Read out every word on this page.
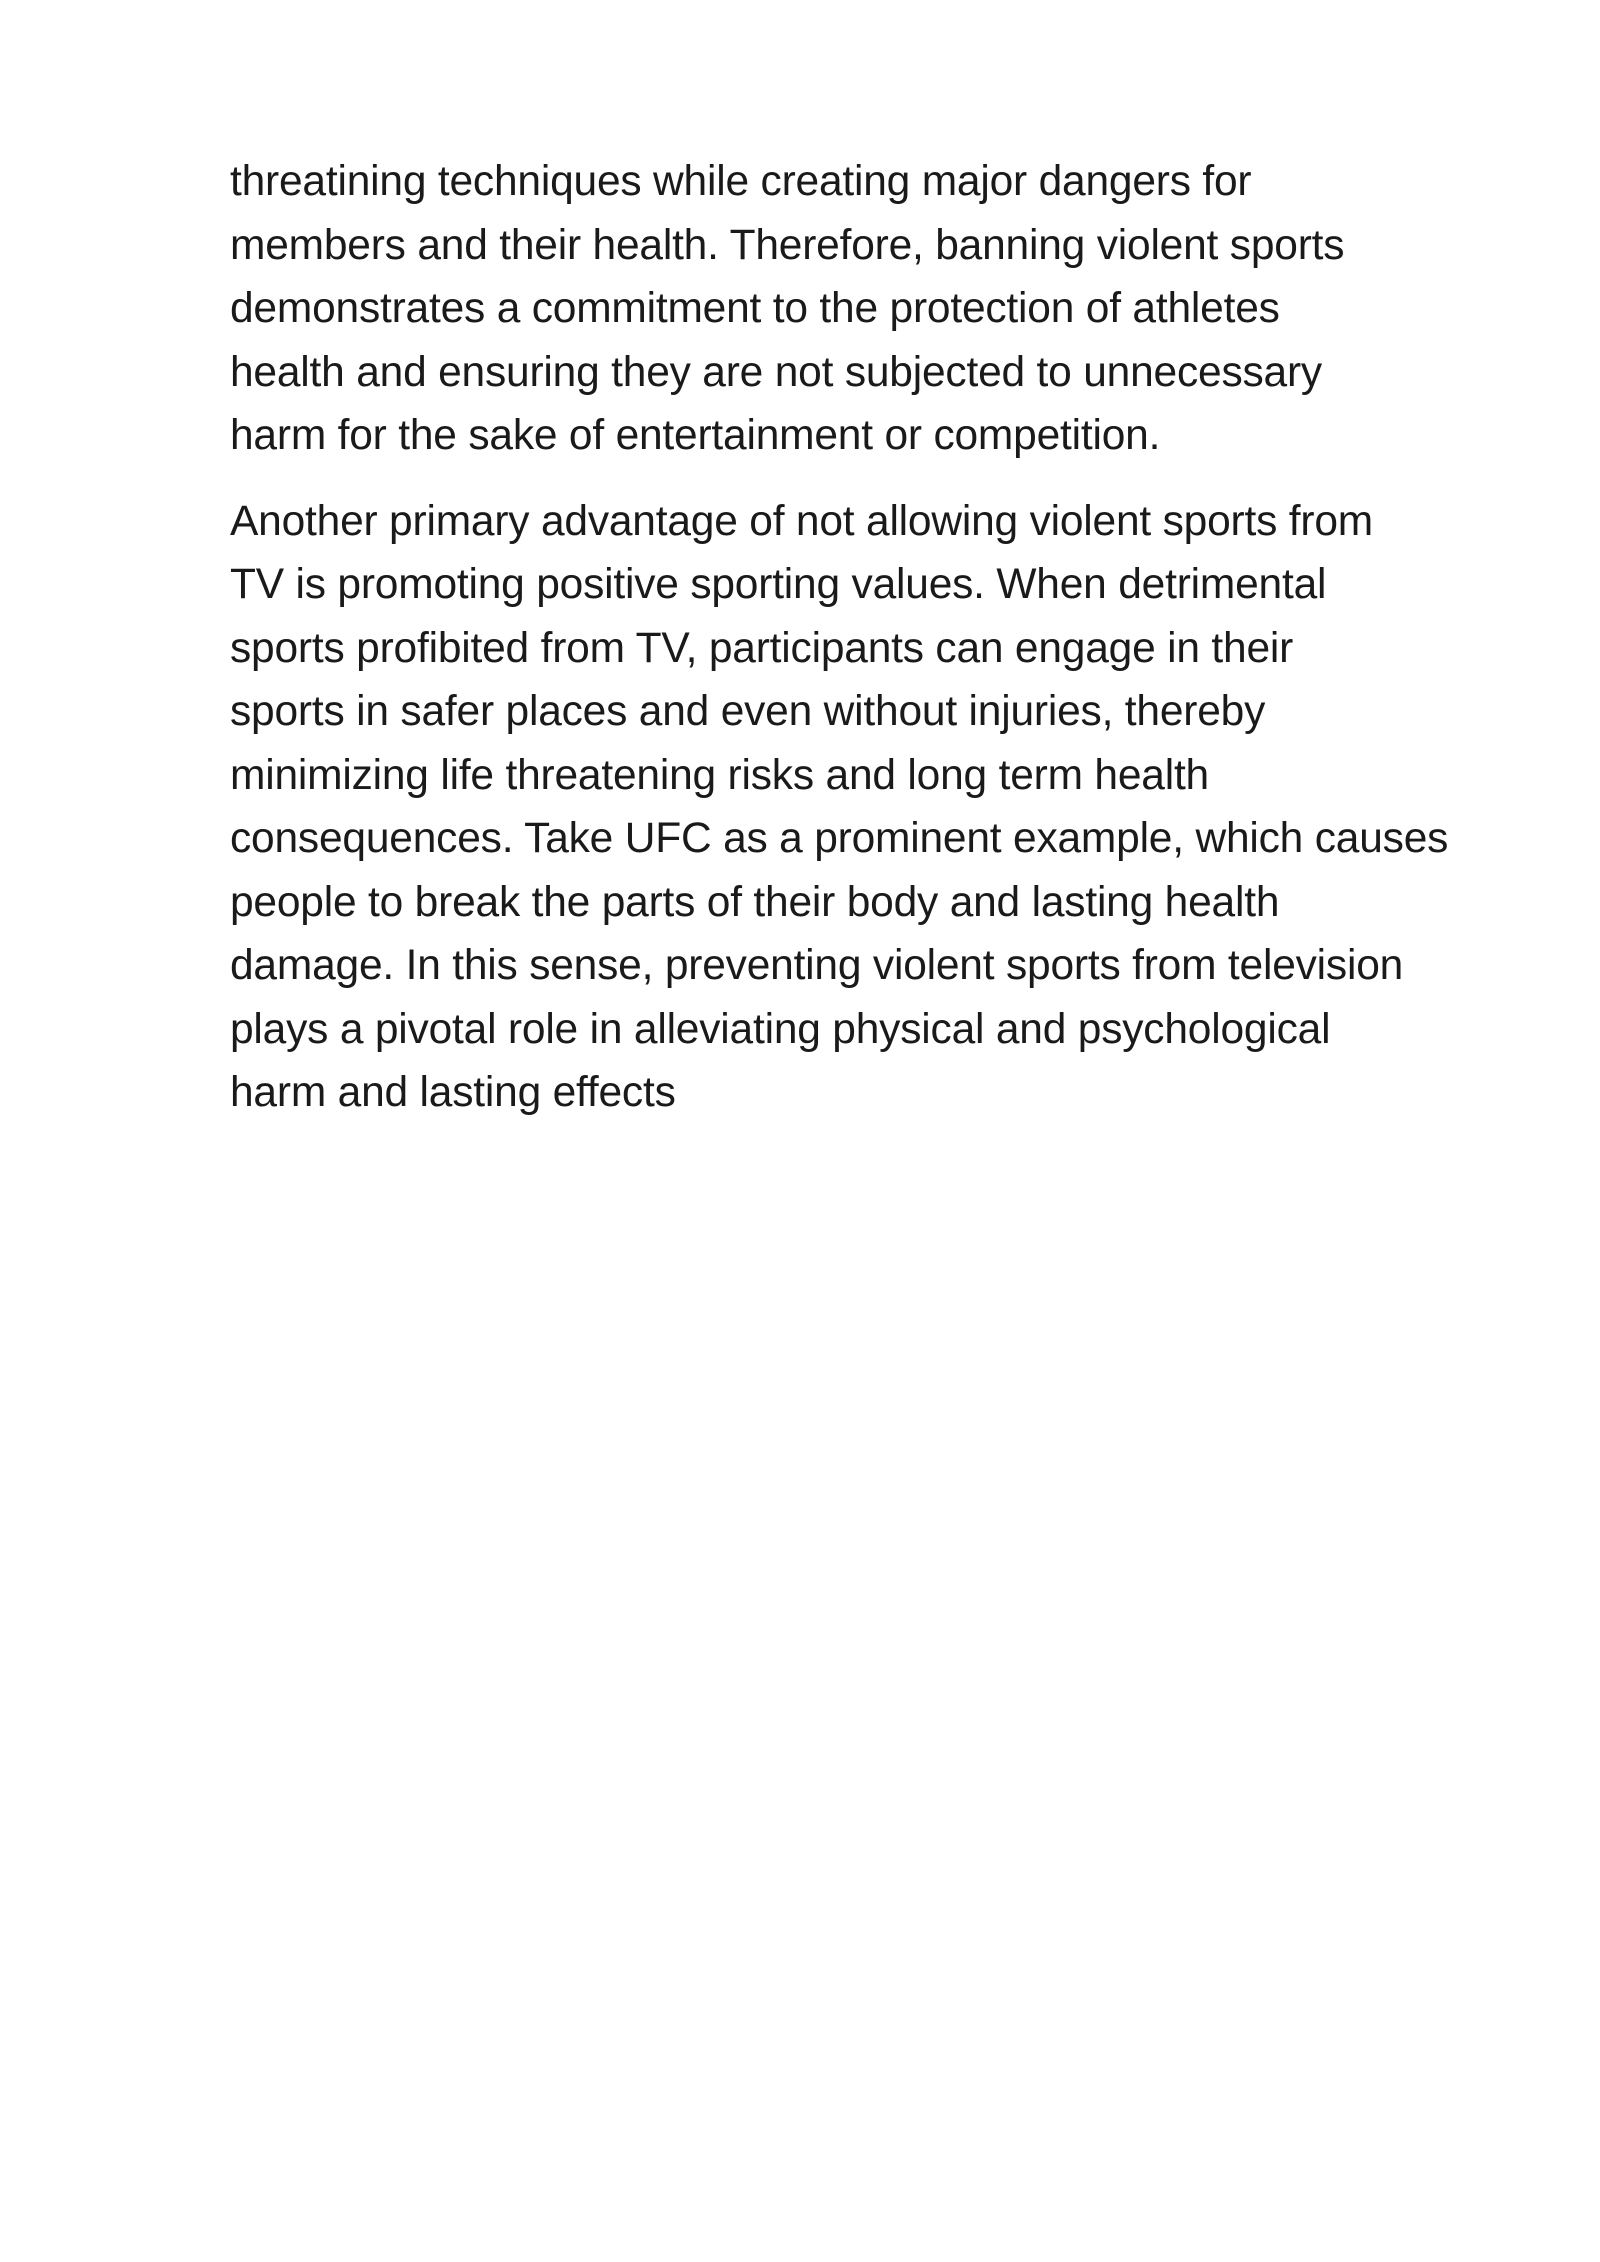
threatining techniques while creating major dangers for
members and their health. Therefore, banning violent sports
demonstrates a commitment to the protection of athletes
health and ensuring they are not subjected to unnecessary
harm for the sake of entertainment or competition.
Another primary advantage of not allowing violent sports from
TV is promoting positive sporting values. When detrimental
sports profibited from TV, participants can engage in their
sports in safer places and even without injuries, thereby
minimizing life threatening risks and long term health
consequences. Take UFC as a prominent example, which causes
people to break the parts of their body and lasting health
damage. In this sense, preventing violent sports from television
plays a pivotal role in alleviating physical and psychological
harm and lasting effects
